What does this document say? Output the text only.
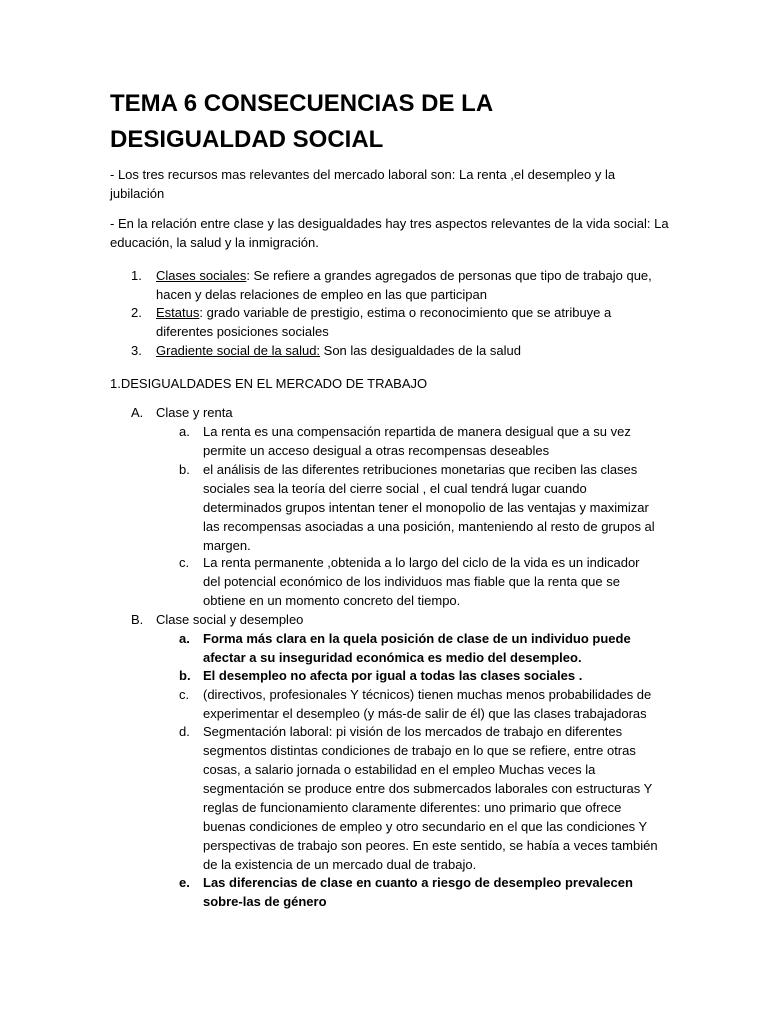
TEMA 6 CONSECUENCIAS DE LA DESIGUALDAD SOCIAL
- Los tres recursos mas relevantes del mercado laboral son: La renta ,el desempleo y la jubilación
- En la relación entre clase y las desigualdades hay tres aspectos relevantes de la vida social: La educación, la salud y la inmigración.
1. Clases sociales: Se refiere a grandes agregados de personas que tipo de trabajo que, hacen y delas relaciones de empleo en las que participan
2. Estatus: grado variable de prestigio, estima o reconocimiento que se atribuye a diferentes posiciones sociales
3. Gradiente social de la salud: Son las desigualdades de la salud
1.DESIGUALDADES EN EL MERCADO DE TRABAJO
A. Clase y renta
a. La renta es una compensación repartida de manera desigual que a su vez permite un acceso desigual a otras recompensas deseables
b. el análisis de las diferentes retribuciones monetarias que reciben las clases sociales sea la teoría del cierre social , el cual tendrá lugar cuando determinados grupos intentan tener el monopolio de las ventajas y maximizar las recompensas asociadas a una posición, manteniendo al resto de grupos al margen.
c. La renta permanente ,obtenida a lo largo del ciclo de la vida es un indicador del potencial económico de los individuos mas fiable que la renta que se obtiene en un momento concreto del tiempo.
B. Clase social y desempleo
a. Forma más clara en la quela posición de clase de un individuo puede afectar a su inseguridad económica es medio del desempleo.
b. El desempleo no afecta por igual a todas las clases sociales .
c. (directivos, profesionales Y técnicos) tienen muchas menos probabilidades de experimentar el desempleo (y más-de salir de él) que las clases trabajadoras
d. Segmentación laboral: pi visión de los mercados de trabajo en diferentes segmentos distintas condiciones de trabajo en lo que se refiere, entre otras cosas, a salario jornada o estabilidad en el empleo Muchas veces la segmentación se produce entre dos submercados laborales con estructuras Y reglas de funcionamiento claramente diferentes: uno primario que ofrece buenas condiciones de empleo y otro secundario en el que las condiciones Y perspectivas de trabajo son peores. En este sentido, se había a veces también de la existencia de un mercado dual de trabajo.
e. Las diferencias de clase en cuanto a riesgo de desempleo prevalecen sobre-las de género
